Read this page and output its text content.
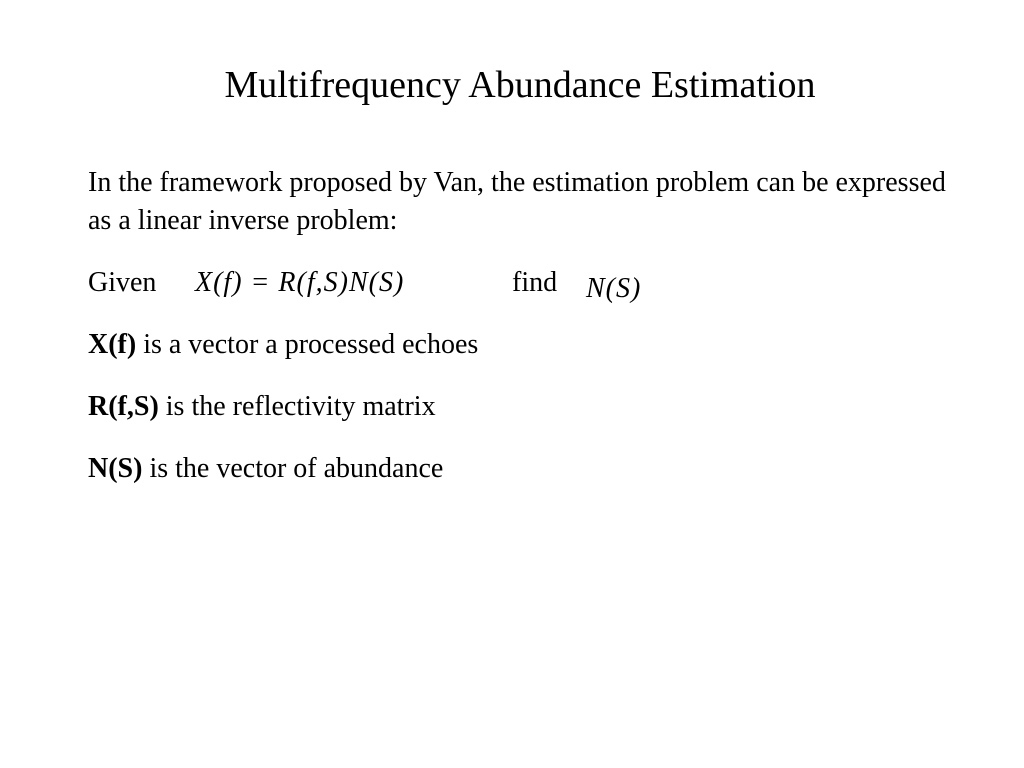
Multifrequency Abundance Estimation
In the framework proposed by Van, the estimation problem can be expressed as a linear inverse problem:
Given X(f) = R(f,S)N(S)	find N(S)
X(f) is a vector a processed echoes
R(f,S) is the reflectivity matrix
N(S) is the vector of abundance
